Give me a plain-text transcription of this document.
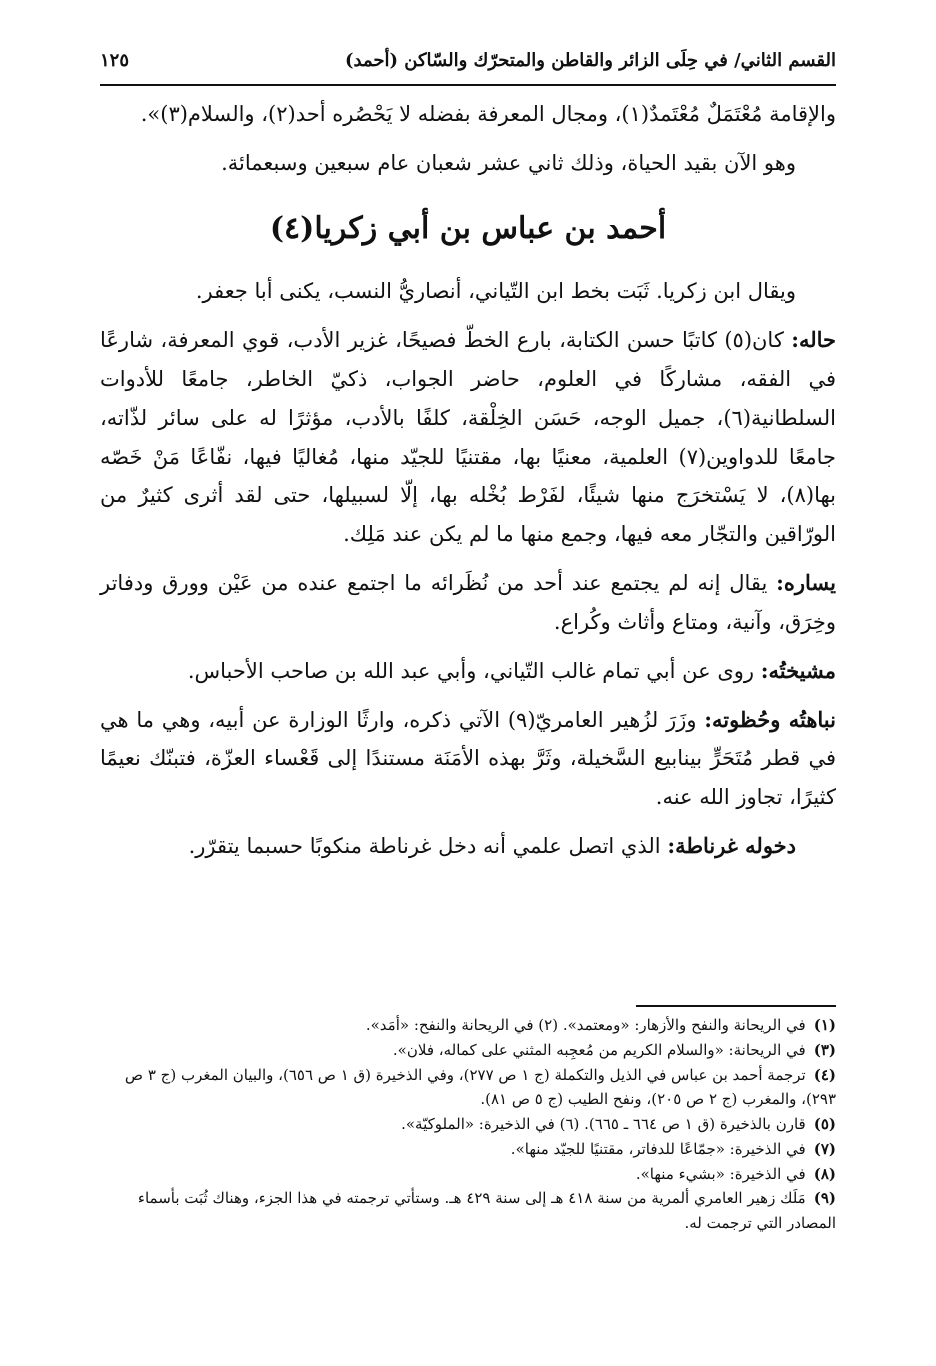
القسم الثاني/ في حِلَى الزائر والقاطن والمتحرّك والسّاكن (أحمد)
١٢٥

والإقامة مُعْتَمَلٌ مُعْتَمدٌ(١)، ومجال المعرفة بفضله لا يَحْصُره أحد(٢)، والسلام(٣)».

وهو الآن بقيد الحياة، وذلك ثاني عشر شعبان عام سبعين وسبعمائة.

أحمد بن عباس بن أبي زكريا(٤)

ويقال ابن زكريا. ثَبَت بخط ابن التّياني، أنصاريُّ النسب، يكنى أبا جعفر.

حاله: كان(٥) كاتبًا حسن الكتابة، بارع الخطّ فصيحًا، غزير الأدب، قوي المعرفة، شارعًا في الفقه، مشاركًا في العلوم، حاضر الجواب، ذكيّ الخاطر، جامعًا للأدوات السلطانية(٦)، جميل الوجه، حَسَن الخِلْقة، كلفًا بالأدب، مؤثرًا له على سائر لذّاته، جامعًا للدواوين(٧) العلمية، معنيًا بها، مقتنيًا للجيّد منها، مُغاليًا فيها، نفّاعًا مَنْ خَصّه بها(٨)، لا يَسْتخرَج منها شيئًا، لفَرْط بُخْله بها، إلّا لسبيلها، حتى لقد أثرى كثيرٌ من الورّاقين والتجّار معه فيها، وجمع منها ما لم يكن عند مَلِك.

يساره: يقال إنه لم يجتمع عند أحد من نُظَرائه ما اجتمع عنده من عَيْن وورق ودفاتر وخِرَق، وآنية، ومتاع وأثاث وكُراع.

مشيختُه: روى عن أبي تمام غالب التّياني، وأبي عبد الله بن صاحب الأحباس.

نباهتُه وحُظوته: وزَرَ لزُهير العامريّ(٩) الآتي ذكره، وارثًا الوزارة عن أبيه، وهي ما هي في قطر مُتَحَرٍّ بينابيع السَّخيلة، وثَرَّ بهذه الأمَنَة مستندًا إلى قَعْساء العزّة، فتبنّك نعيمًا كثيرًا، تجاوز الله عنه.

دخوله غرناطة: الذي اتصل علمي أنه دخل غرناطة منكوبًا حسبما يتقرّر.

(١)في الريحانة والنفح والأزهار: «ومعتمد». (٢) في الريحانة والنفح: «أمَد».

(٣)في الريحانة: «والسلام الكريم من مُعجِبه المثني على كماله، فلان».

(٤)ترجمة أحمد بن عباس في الذيل والتكملة (ج ١ ص ٢٧٧)، وفي الذخيرة (ق ١ ص ٦٥٦)، والبيان المغرب (ج ٣ ص ٢٩٣)، والمغرب (ج ٢ ص ٢٠٥)، ونفح الطيب (ج ٥ ص ٨١).

(٥)قارن بالذخيرة (ق ١ ص ٦٦٤ ـ ٦٦٥). (٦) في الذخيرة: «الملوكيّة».

(٧)في الذخيرة: «جمّاعًا للدفاتر، مقتنيًا للجيّد منها».

(٨)في الذخيرة: «بشيء منها».

(٩)مَلَك زهير العامري ألمرية من سنة ٤١٨ هـ إلى سنة ٤٢٩ هـ. وستأتي ترجمته في هذا الجزء، وهناك ثُبَت بأسماء المصادر التي ترجمت له.
